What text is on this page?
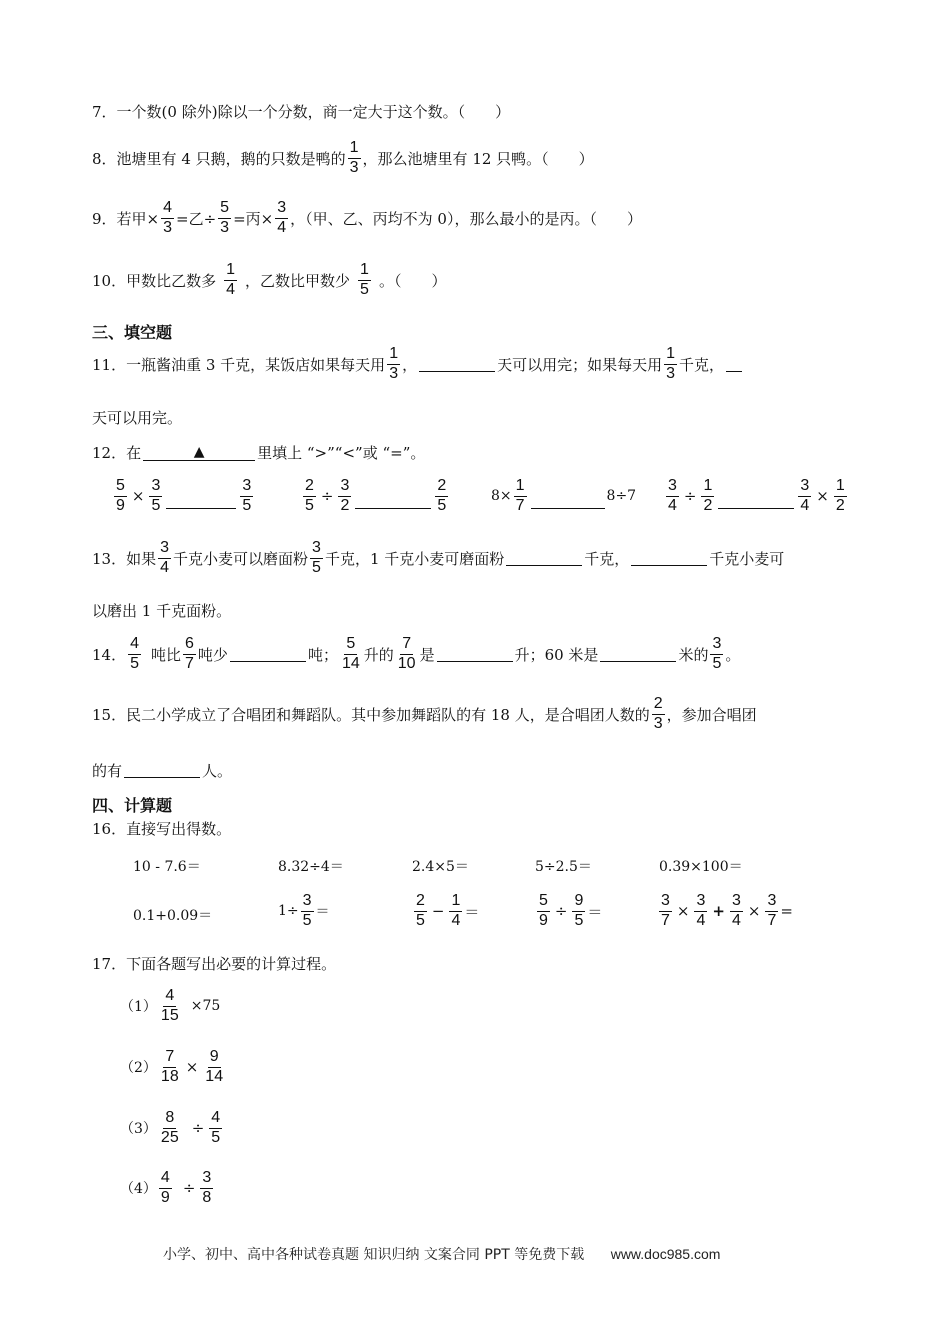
7． 一个数(0 除外)除以一个分数，商一定大于这个数。（　　）
8． 池塘里有 4 只鹅，鹅的只数是鸭的 $\frac{1}{3}$ ，那么池塘里有 12 只鸭。（　　）
9． 若甲× $\frac{4}{3}$ =乙÷ $\frac{5}{3}$ =丙× $\frac{3}{4}$ ，（甲、乙、丙均不为 0），那么最小的是丙。（　　）
10． 甲数比乙数多 $\frac{1}{4}$ ，乙数比甲数少 $\frac{1}{5}$ 。（　　）
三、填空题
11． 一瓶酱油重 3 千克，某饭店如果每天用 $\frac{1}{3}$ ，	天可以用完；如果每天用 $\frac{1}{3}$ 千克，
天可以用完。
12． 在	▲	里填上 “>”“<”或 “=”。
$\frac{5}{9} \times \frac{3}{5}$	$\frac{3}{5}$	$\frac{2}{5} \div \frac{3}{2}$	$\frac{2}{5}$	$8\times \frac{1}{7}$	$8\div 7 \frac{3}{4} \div \frac{1}{2}$	$\frac{3}{4} \times \frac{1}{2}$
13． 如果 $\frac{3}{4}$ 千克小麦可以磨面粉 $\frac{3}{5}$ 千克，1 千克小麦可磨面粉	千克，	千克小麦可
以磨出 1 千克面粉。
14． $\frac{4}{5}$ 吨比 $\frac{6}{7}$ 吨少	吨； $\frac{5}{14}$ 升的 $\frac{7}{10}$ 是	升；60 米是	米的 $\frac{3}{5}$ 。
15． 民二小学成立了合唱团和舞蹈队。其中参加舞蹈队的有 18 人，是合唱团人数的 $\frac{2}{3}$ ，参加合唱团
的有	人。
四、计算题
16． 直接写出得数。
10 - 7.6＝	8.32÷4＝	2.4×5＝	5÷2.5＝	0.39×100＝
0.1+0.09＝	$1\div \frac{3}{5}$ ＝	$\frac{2}{5} - \frac{1}{4}$ ＝	$\frac{5}{9} \div \frac{9}{5}$ ＝	$\frac{3}{7} \times \frac{3}{4} + \frac{3}{4} \times \frac{3}{7}$ =
17． 下面各题写出必要的计算过程。
$(1) \frac{4}{15} \times 75$
$(2) \frac{7}{18} \times \frac{9}{14}$
$(3) \frac{8}{25} \div \frac{4}{5}$
$(4) \frac{4}{9} \div \frac{3}{8}$
小学、初中、高中各种试卷真题 知识归纳 文案合同 PPT 等免费下载 www.doc985.com
